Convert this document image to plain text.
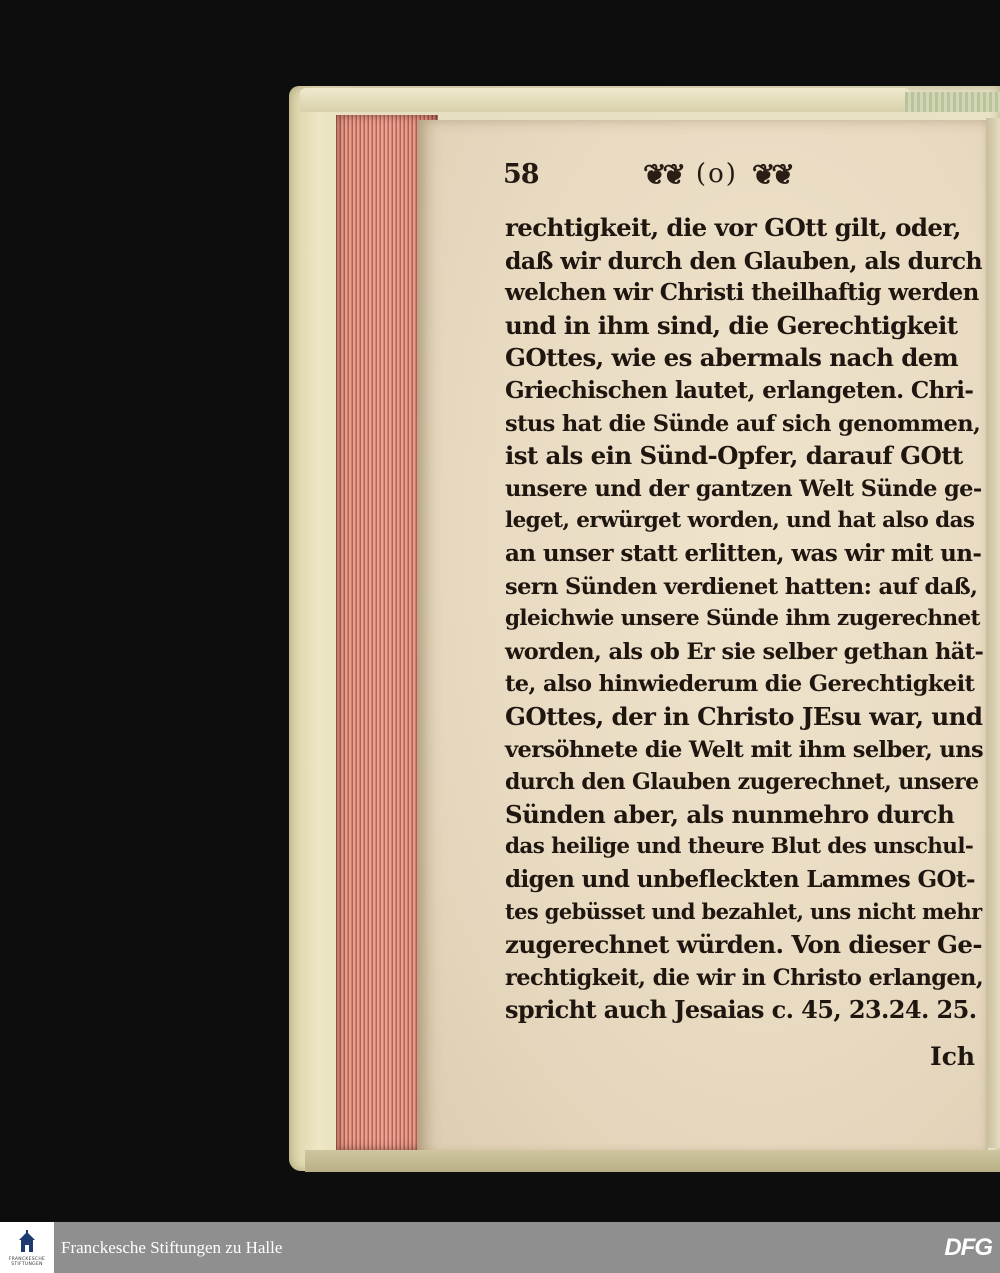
58	❦❦ (o) ❦❦
rechtigkeit, die vor GOtt gilt, oder,
daß wir durch den Glauben, als durch
welchen wir Christi theilhaftig werden
und in ihm sind, die Gerechtigkeit
GOttes, wie es abermals nach dem
Griechischen lautet, erlangeten. Chri-
stus hat die Sünde auf sich genommen,
ist als ein Sünd-Opfer, darauf GOtt
unsere und der gantzen Welt Sünde ge-
leget, erwürget worden, und hat also das
an unser statt erlitten, was wir mit un-
sern Sünden verdienet hatten: auf daß,
gleichwie unsere Sünde ihm zugerechnet
worden, als ob Er sie selber gethan hät-
te, also hinwiederum die Gerechtigkeit
GOttes, der in Christo JEsu war, und
versöhnete die Welt mit ihm selber, uns
durch den Glauben zugerechnet, unsere
Sünden aber, als nunmehro durch
das heilige und theure Blut des unschul-
digen und unbefleckten Lammes GOt-
tes gebüsset und bezahlet, uns nicht mehr
zugerechnet würden. Von dieser Ge-
rechtigkeit, die wir in Christo erlangen,
spricht auch Jesaias c. 45, 23.24. 25.
Ich
FRANCKESCHE
STIFTUNGEN
Franckesche Stiftungen zu Halle	DFG
